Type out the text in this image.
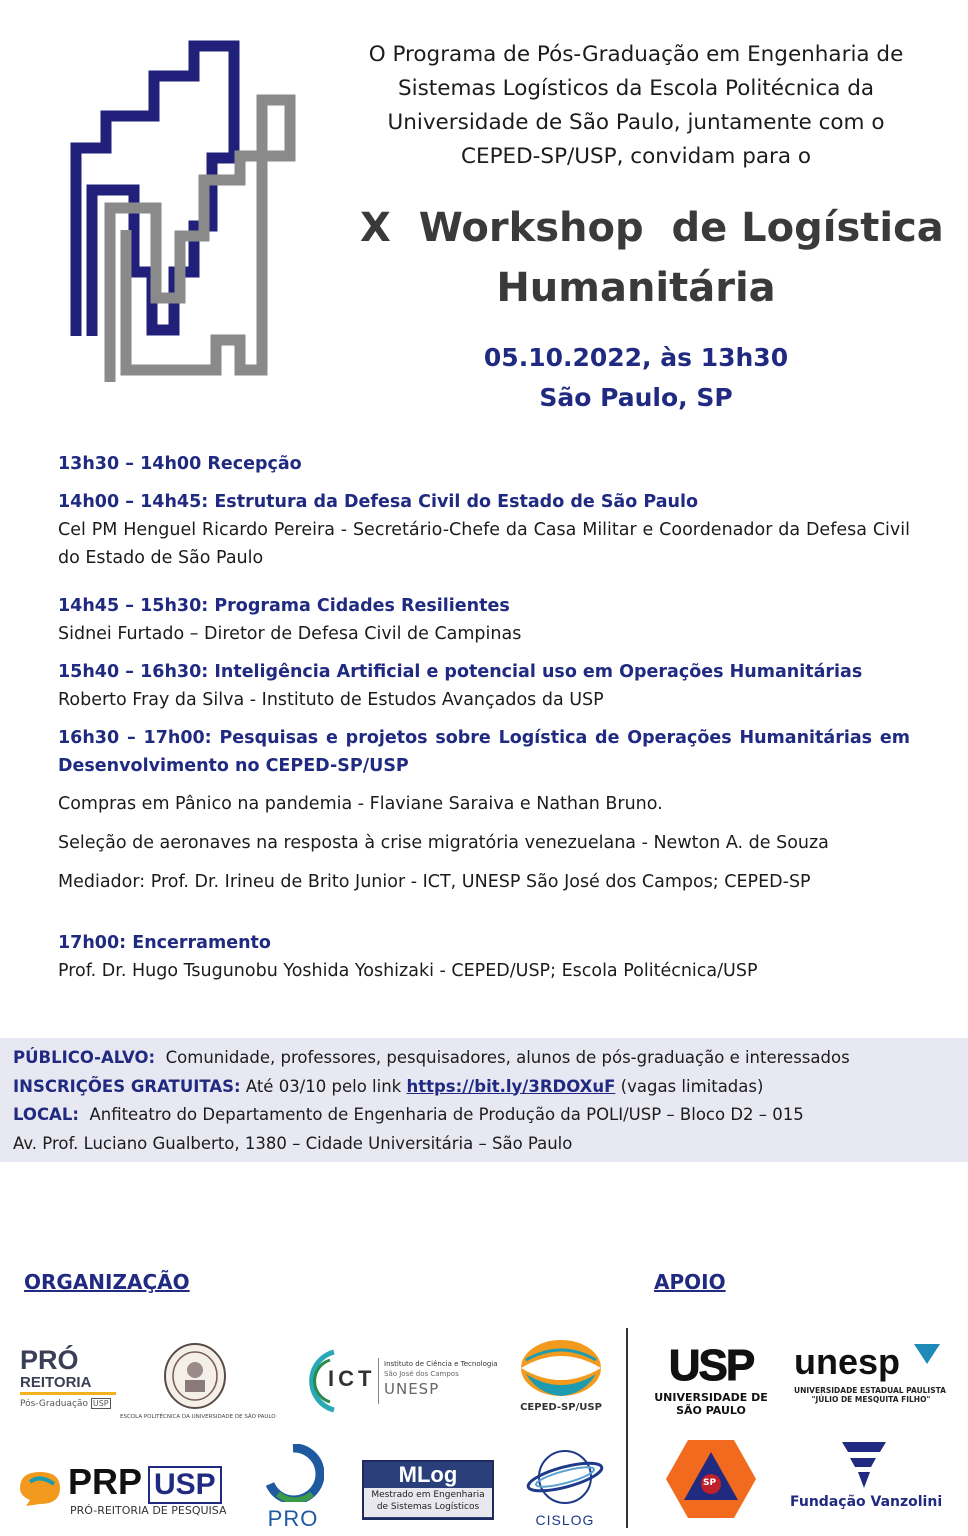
O Programa de Pós-Graduação em Engenharia de Sistemas Logísticos da Escola Politécnica da Universidade de São Paulo, juntamente com o CEPED-SP/USP, convidam para o
X  Workshop  de Logística
Humanitária
05.10.2022, às 13h30
São Paulo, SP
13h30 – 14h00 Recepção
14h00 – 14h45: Estrutura da Defesa Civil do Estado de São Paulo
Cel PM Henguel Ricardo Pereira - Secretário-Chefe da Casa Militar e Coordenador da Defesa Civil do Estado de São Paulo
14h45 – 15h30: Programa Cidades Resilientes
Sidnei Furtado – Diretor de Defesa Civil de Campinas
15h40 – 16h30: Inteligência Artificial e potencial uso em Operações Humanitárias
Roberto Fray da Silva - Instituto de Estudos Avançados da USP
16h30 – 17h00: Pesquisas e projetos sobre Logística de Operações Humanitárias em Desenvolvimento no CEPED-SP/USP
Compras em Pânico na pandemia - Flaviane Saraiva e Nathan Bruno.
Seleção de aeronaves na resposta à crise migratória venezuelana - Newton A. de Souza
Mediador: Prof. Dr. Irineu de Brito Junior - ICT, UNESP São José dos Campos; CEPED-SP
17h00: Encerramento
Prof. Dr. Hugo Tsugunobu Yoshida Yoshizaki - CEPED/USP; Escola Politécnica/USP
PÚBLICO-ALVO: Comunidade, professores, pesquisadores, alunos de pós-graduação e interessados
INSCRIÇÕES GRATUITAS: Até 03/10 pelo link https://bit.ly/3RDOXuF (vagas limitadas)
LOCAL: Anfiteatro do Departamento de Engenharia de Produção da POLI/USP – Bloco D2 – 015
Av. Prof. Luciano Gualberto, 1380 – Cidade Universitária – São Paulo
ORGANIZAÇÃO	APOIO
PRÓ
REITORIA
Pós-Graduação USP
ESCOLA POLITÉCNICA DA UNIVERSIDADE DE SÃO PAULO
ICT
Instituto de Ciência e Tecnologia
São José dos Campos
UNESP
CEPED-SP/USP
PRP USP
PRÓ-REITORIA DE PESQUISA PRO
MLog
Mestrado em Engenharia
de Sistemas Logísticos
CISLOG
USP
UNIVERSIDADE DE
SÃO PAULO
unesp
UNIVERSIDADE ESTADUAL PAULISTA
"JÚLIO DE MESQUITA FILHO"
SP
Fundação Vanzolini
